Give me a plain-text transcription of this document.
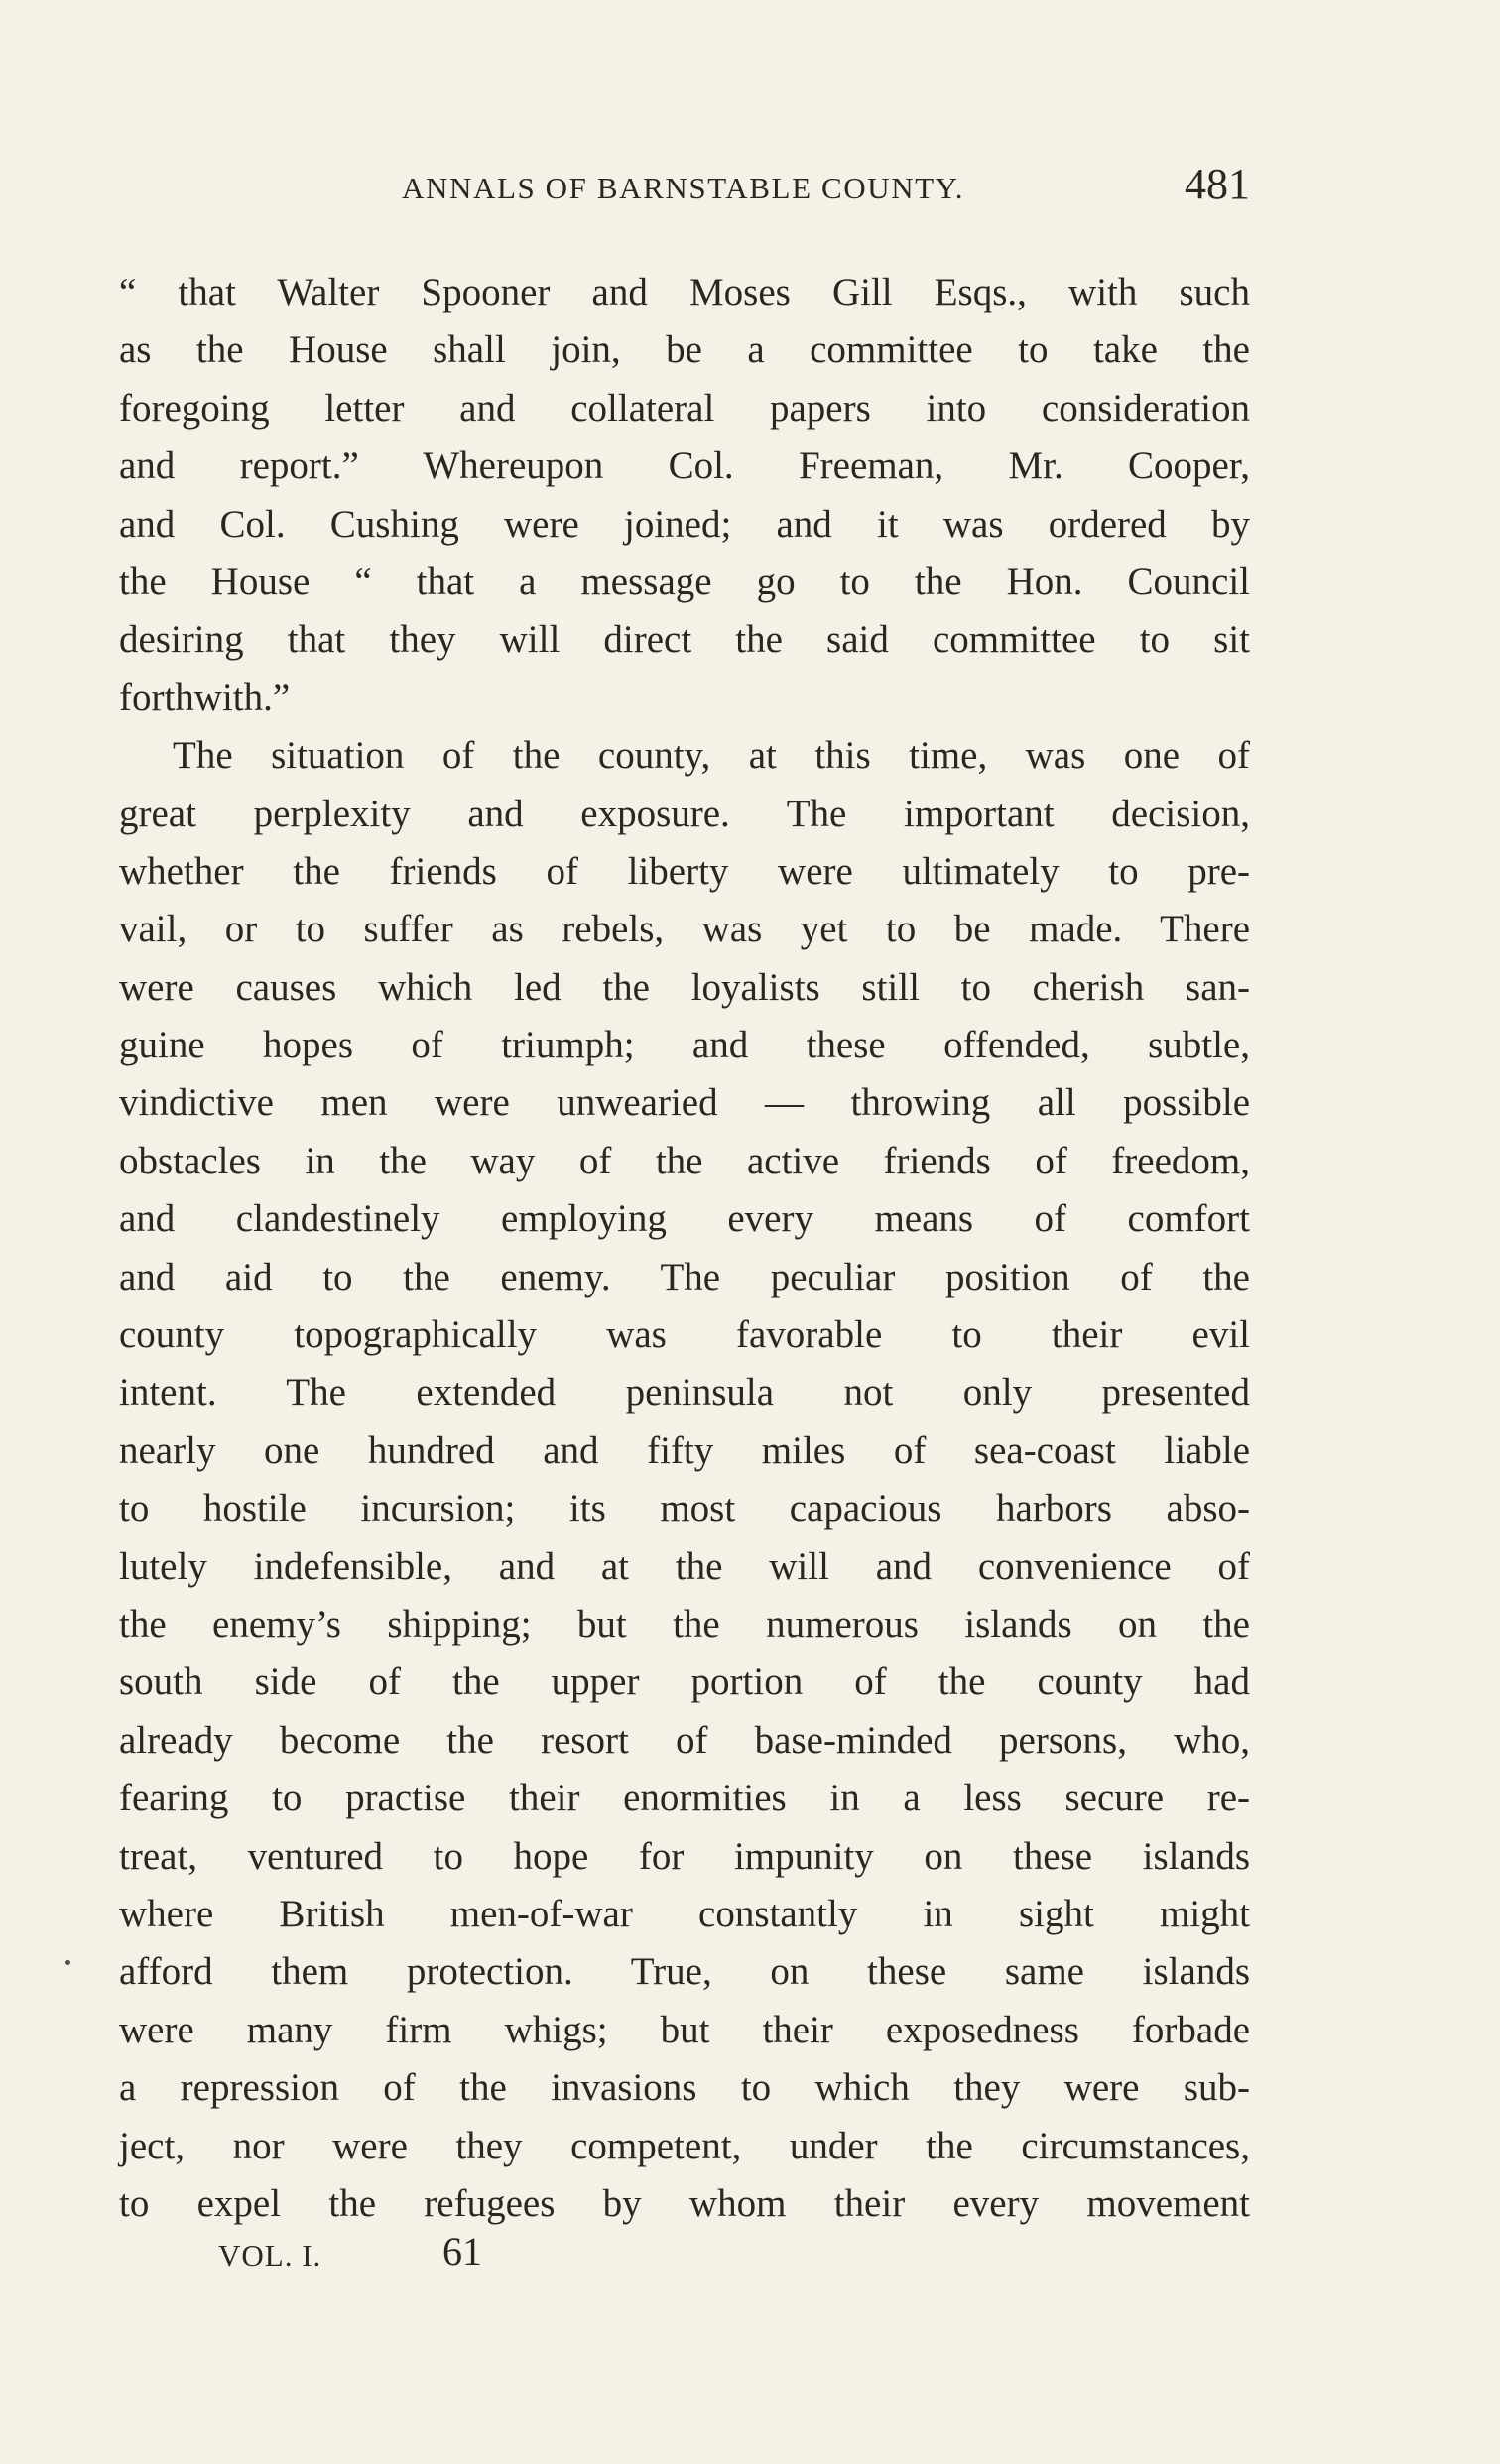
ANNALS OF BARNSTABLE COUNTY.	481
“ that Walter Spooner and Moses Gill Esqs., with such
as the House shall join, be a committee to take the
foregoing letter and collateral papers into consideration
and report.” Whereupon Col. Freeman, Mr. Cooper,
and Col. Cushing were joined; and it was ordered by
the House “ that a message go to the Hon. Council
desiring that they will direct the said committee to sit
forthwith.”
The situation of the county, at this time, was one of
great perplexity and exposure. The important decision,
whether the friends of liberty were ultimately to pre-
vail, or to suffer as rebels, was yet to be made. There
were causes which led the loyalists still to cherish san-
guine hopes of triumph; and these offended, subtle,
vindictive men were unwearied — throwing all possible
obstacles in the way of the active friends of freedom,
and clandestinely employing every means of comfort
and aid to the enemy. The peculiar position of the
county topographically was favorable to their evil
intent. The extended peninsula not only presented
nearly one hundred and fifty miles of sea-coast liable
to hostile incursion; its most capacious harbors abso-
lutely indefensible, and at the will and convenience of
the enemy’s shipping; but the numerous islands on the
south side of the upper portion of the county had
already become the resort of base-minded persons, who,
fearing to practise their enormities in a less secure re-
treat, ventured to hope for impunity on these islands
where British men-of-war constantly in sight might
afford them protection. True, on these same islands
were many firm whigs; but their exposedness forbade
a repression of the invasions to which they were sub-
ject, nor were they competent, under the circumstances,
to expel the refugees by whom their every movement
VOL. I.	61
